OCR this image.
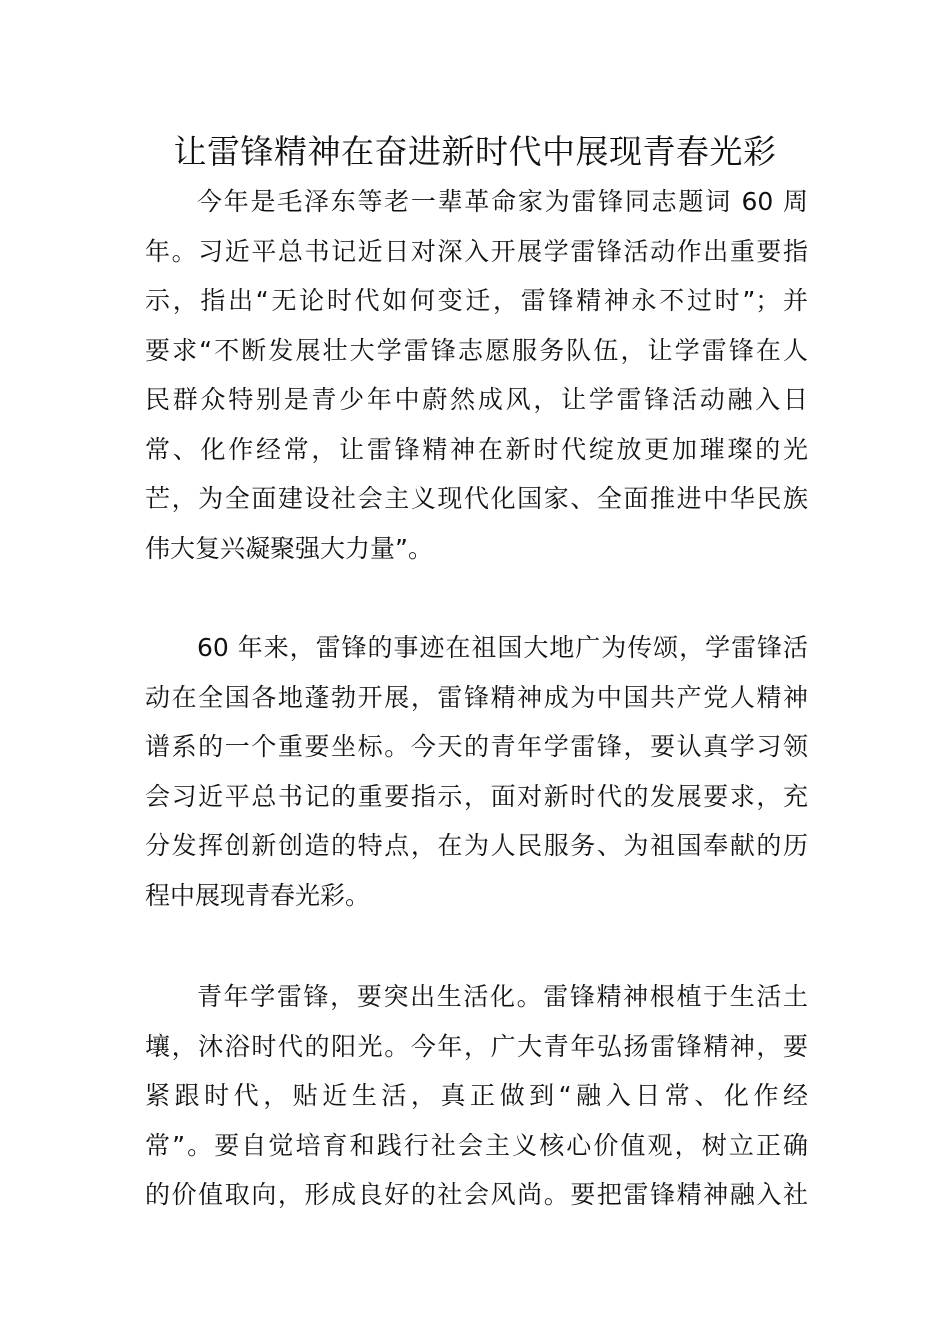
让雷锋精神在奋进新时代中展现青春光彩
今年是毛泽东等老一辈革命家为雷锋同志题词 60 周
年。习近平总书记近日对深入开展学雷锋活动作出重要指
示，指出“无论时代如何变迁，雷锋精神永不过时”；并
要求“不断发展壮大学雷锋志愿服务队伍，让学雷锋在人
民群众特别是青少年中蔚然成风，让学雷锋活动融入日
常、化作经常，让雷锋精神在新时代绽放更加璀璨的光
芒，为全面建设社会主义现代化国家、全面推进中华民族
伟大复兴凝聚强大力量”。
60 年来，雷锋的事迹在祖国大地广为传颂，学雷锋活
动在全国各地蓬勃开展，雷锋精神成为中国共产党人精神
谱系的一个重要坐标。今天的青年学雷锋，要认真学习领
会习近平总书记的重要指示，面对新时代的发展要求，充
分发挥创新创造的特点，在为人民服务、为祖国奉献的历
程中展现青春光彩。
青年学雷锋，要突出生活化。雷锋精神根植于生活土
壤，沐浴时代的阳光。今年，广大青年弘扬雷锋精神，要
紧跟时代，贴近生活，真正做到“融入日常、化作经
常”。要自觉培育和践行社会主义核心价值观，树立正确
的价值取向，形成良好的社会风尚。要把雷锋精神融入社
